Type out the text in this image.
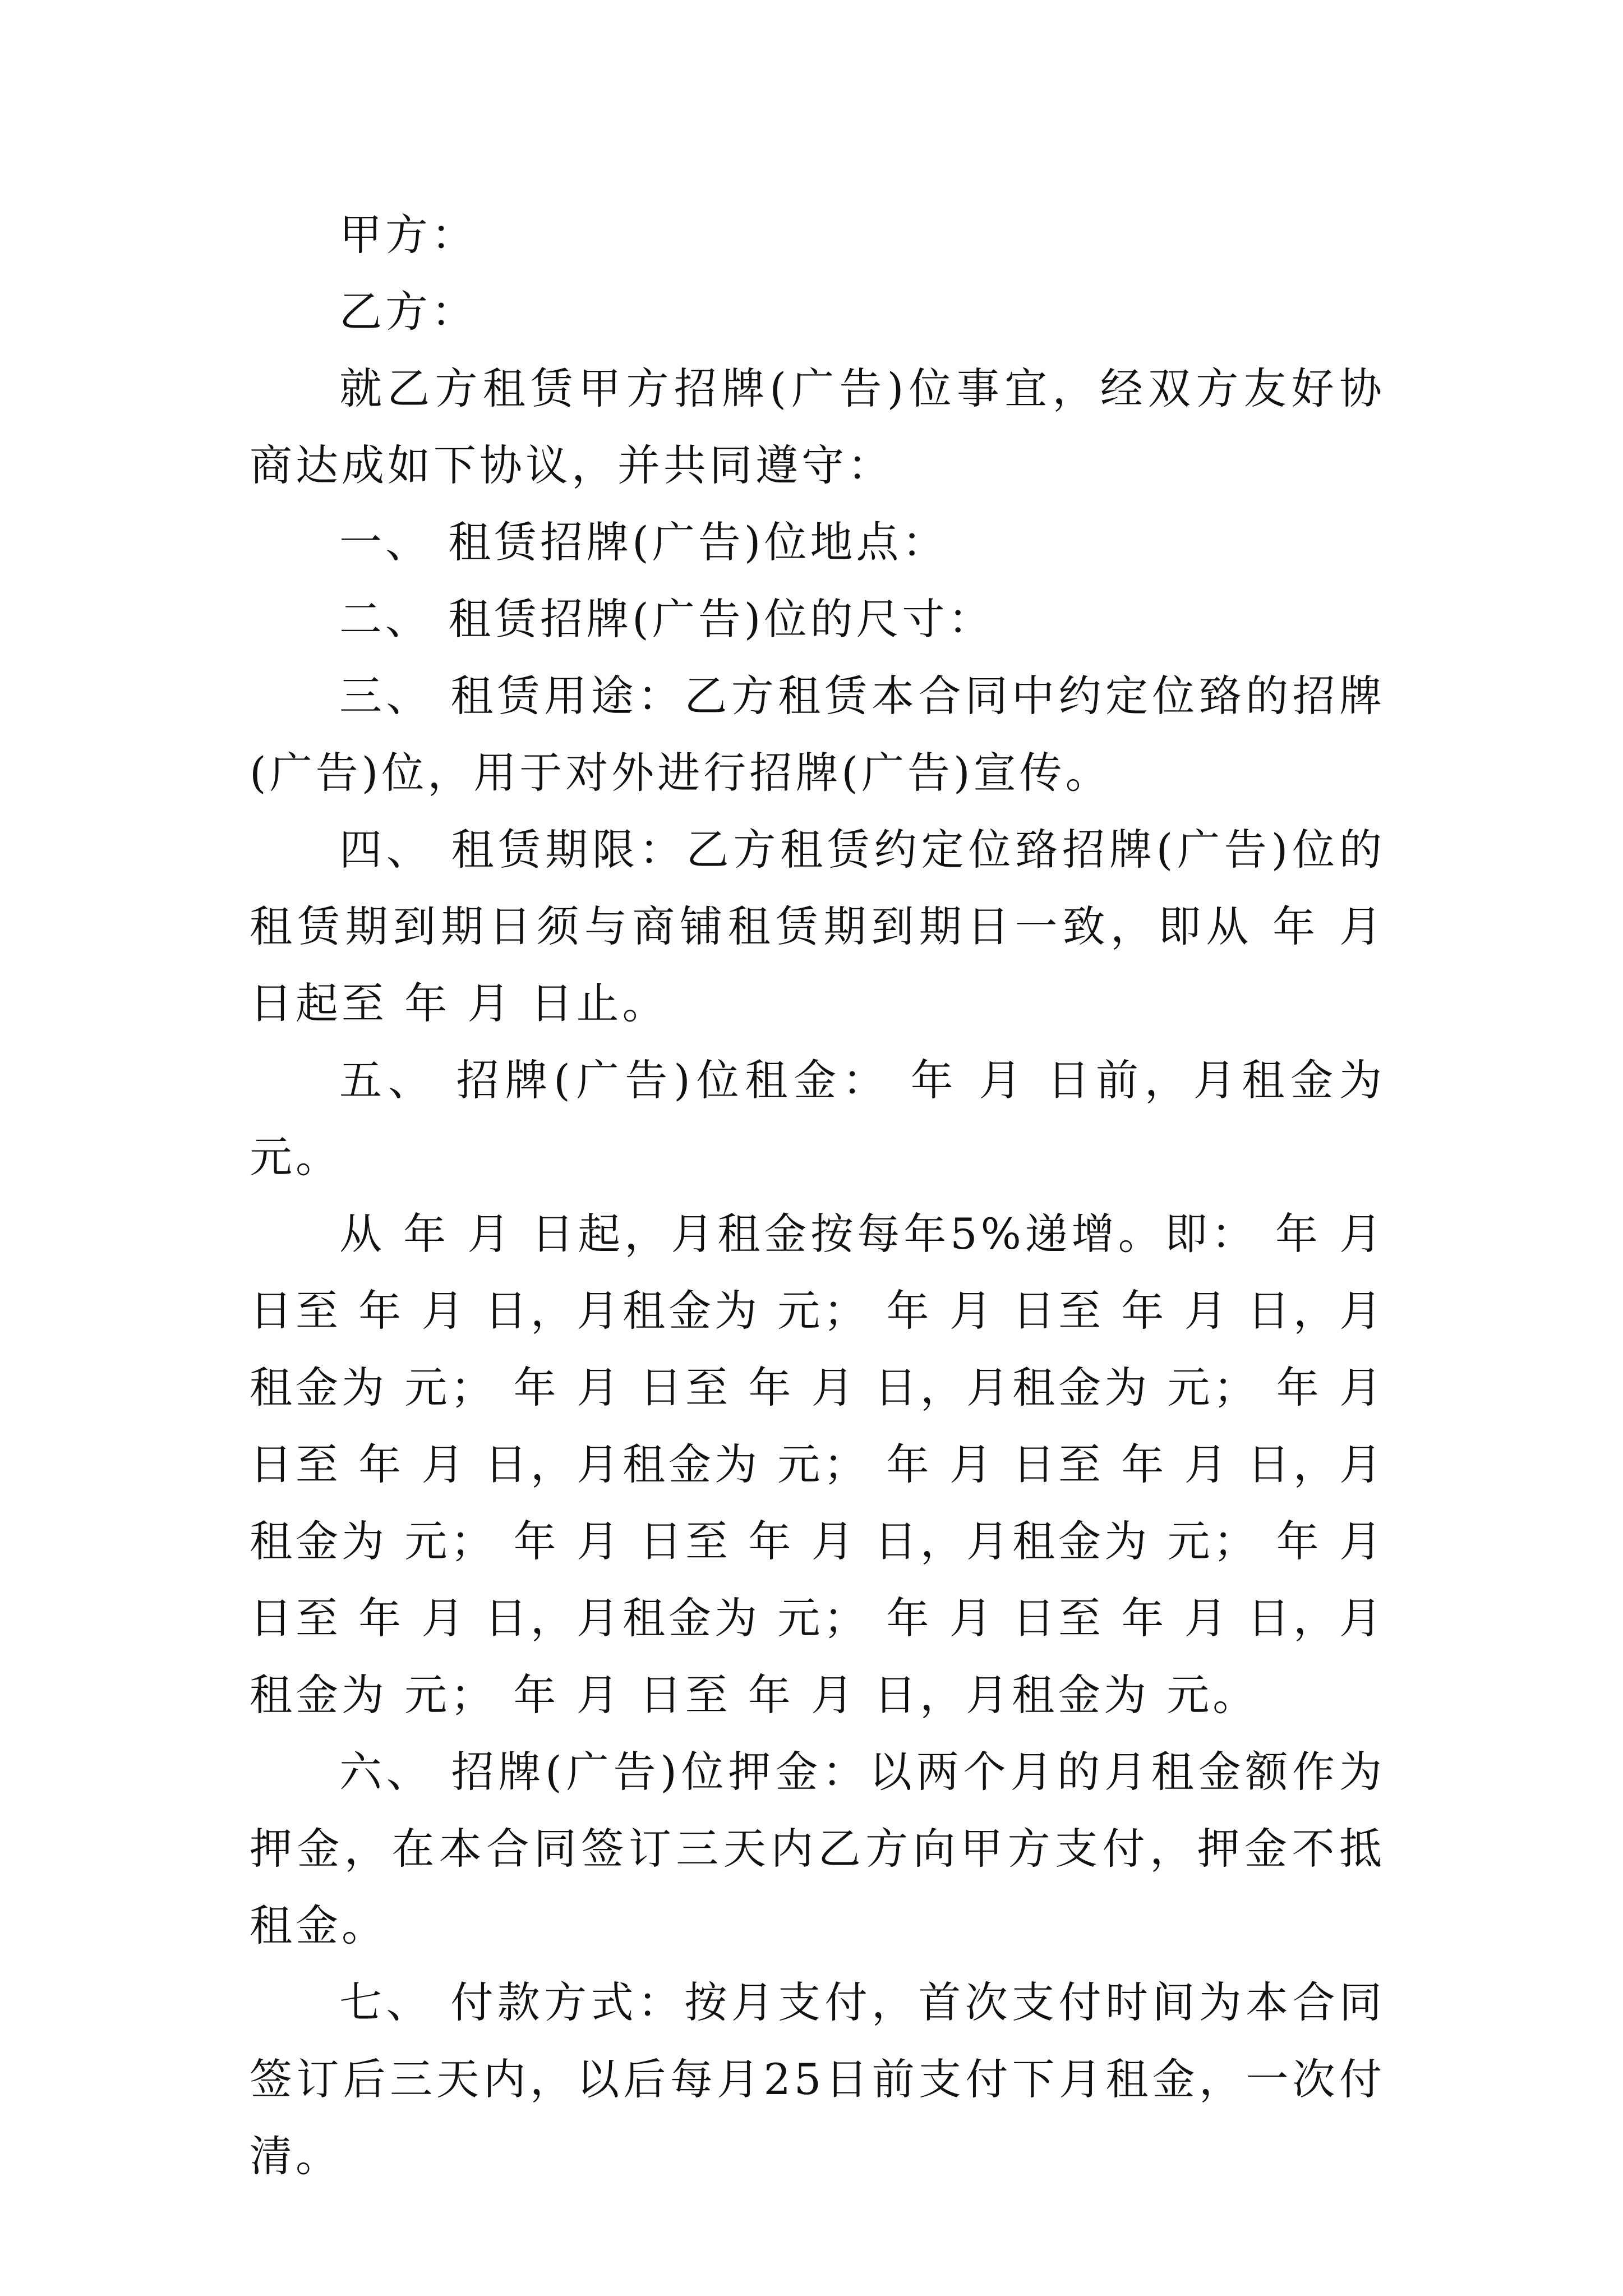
甲方：

乙方：

就乙方租赁甲方招牌(广告)位事宜，经双方友好协商达成如下协议，并共同遵守：

一、 租赁招牌(广告)位地点：

二、 租赁招牌(广告)位的尺寸：

三、 租赁用途：乙方租赁本合同中约定位臵的招牌(广告)位，用于对外进行招牌(广告)宣传。

四、 租赁期限：乙方租赁约定位臵招牌(广告)位的租赁期到期日须与商铺租赁期到期日一致，即从 年 月 日起至 年 月 日止。

五、 招牌(广告)位租金： 年 月 日前，月租金为 元。

从 年 月 日起，月租金按每年5%递增。即： 年 月 日至 年 月 日，月租金为 元； 年 月 日至 年 月 日，月租金为 元； 年 月 日至 年 月 日，月租金为 元； 年 月 日至 年 月 日，月租金为 元； 年 月 日至 年 月 日，月租金为 元； 年 月 日至 年 月 日，月租金为 元； 年 月 日至 年 月 日，月租金为 元； 年 月 日至 年 月 日，月租金为 元； 年 月 日至 年 月 日，月租金为 元。

六、 招牌(广告)位押金：以两个月的月租金额作为押金，在本合同签订三天内乙方向甲方支付，押金不抵租金。

七、 付款方式：按月支付，首次支付时间为本合同签订后三天内，以后每月25日前支付下月租金，一次付清。
